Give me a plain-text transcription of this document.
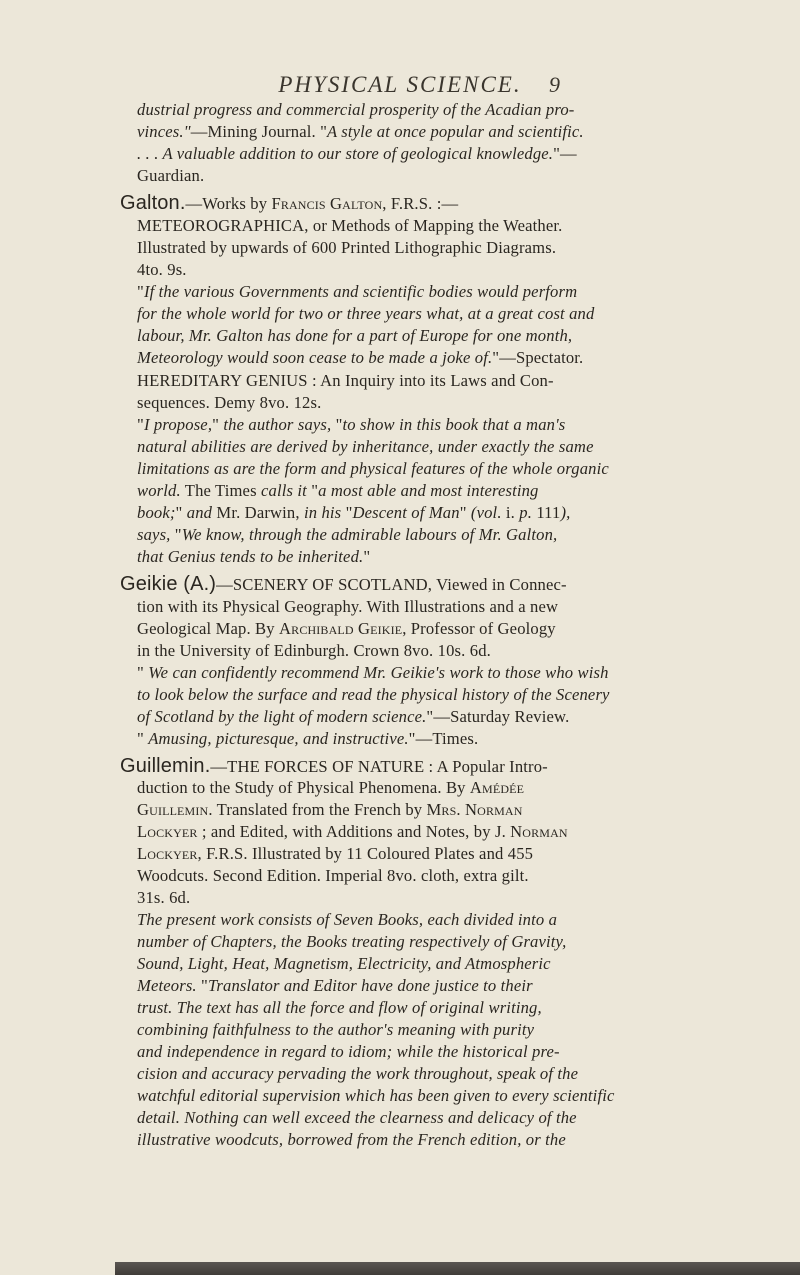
PHYSICAL SCIENCE.	9
dustrial progress and commercial prosperity of the Acadian pro-
vinces."—Mining Journal. "A style at once popular and scientific.
. . . A valuable addition to our store of geological knowledge."—
Guardian.
Galton.—Works by Francis Galton, F.R.S. :—
METEOROGRAPHICA, or Methods of Mapping the Weather.
Illustrated by upwards of 600 Printed Lithographic Diagrams.
4to. 9s.
"If the various Governments and scientific bodies would perform
for the whole world for two or three years what, at a great cost and
labour, Mr. Galton has done for a part of Europe for one month,
Meteorology would soon cease to be made a joke of."—Spectator.
HEREDITARY GENIUS : An Inquiry into its Laws and Con-
sequences. Demy 8vo. 12s.
"I propose," the author says, "to show in this book that a man's
natural abilities are derived by inheritance, under exactly the same
limitations as are the form and physical features of the whole organic
world. The Times calls it "a most able and most interesting
book;" and Mr. Darwin, in his "Descent of Man" (vol. i. p. 111),
says, "We know, through the admirable labours of Mr. Galton,
that Genius tends to be inherited."
Geikie (A.)—SCENERY OF SCOTLAND, Viewed in Connec-
tion with its Physical Geography. With Illustrations and a new
Geological Map. By Archibald Geikie, Professor of Geology
in the University of Edinburgh. Crown 8vo. 10s. 6d.
" We can confidently recommend Mr. Geikie's work to those who wish
to look below the surface and read the physical history of the Scenery
of Scotland by the light of modern science."—Saturday Review.
" Amusing, picturesque, and instructive."—Times.
Guillemin.—THE FORCES OF NATURE : A Popular Intro-
duction to the Study of Physical Phenomena. By Amédée
Guillemin. Translated from the French by Mrs. Norman
Lockyer ; and Edited, with Additions and Notes, by J. Norman
Lockyer, F.R.S. Illustrated by 11 Coloured Plates and 455
Woodcuts. Second Edition. Imperial 8vo. cloth, extra gilt.
31s. 6d.
The present work consists of Seven Books, each divided into a
number of Chapters, the Books treating respectively of Gravity,
Sound, Light, Heat, Magnetism, Electricity, and Atmospheric
Meteors. "Translator and Editor have done justice to their
trust. The text has all the force and flow of original writing,
combining faithfulness to the author's meaning with purity
and independence in regard to idiom; while the historical pre-
cision and accuracy pervading the work throughout, speak of the
watchful editorial supervision which has been given to every scientific
detail. Nothing can well exceed the clearness and delicacy of the
illustrative woodcuts, borrowed from the French edition, or the
